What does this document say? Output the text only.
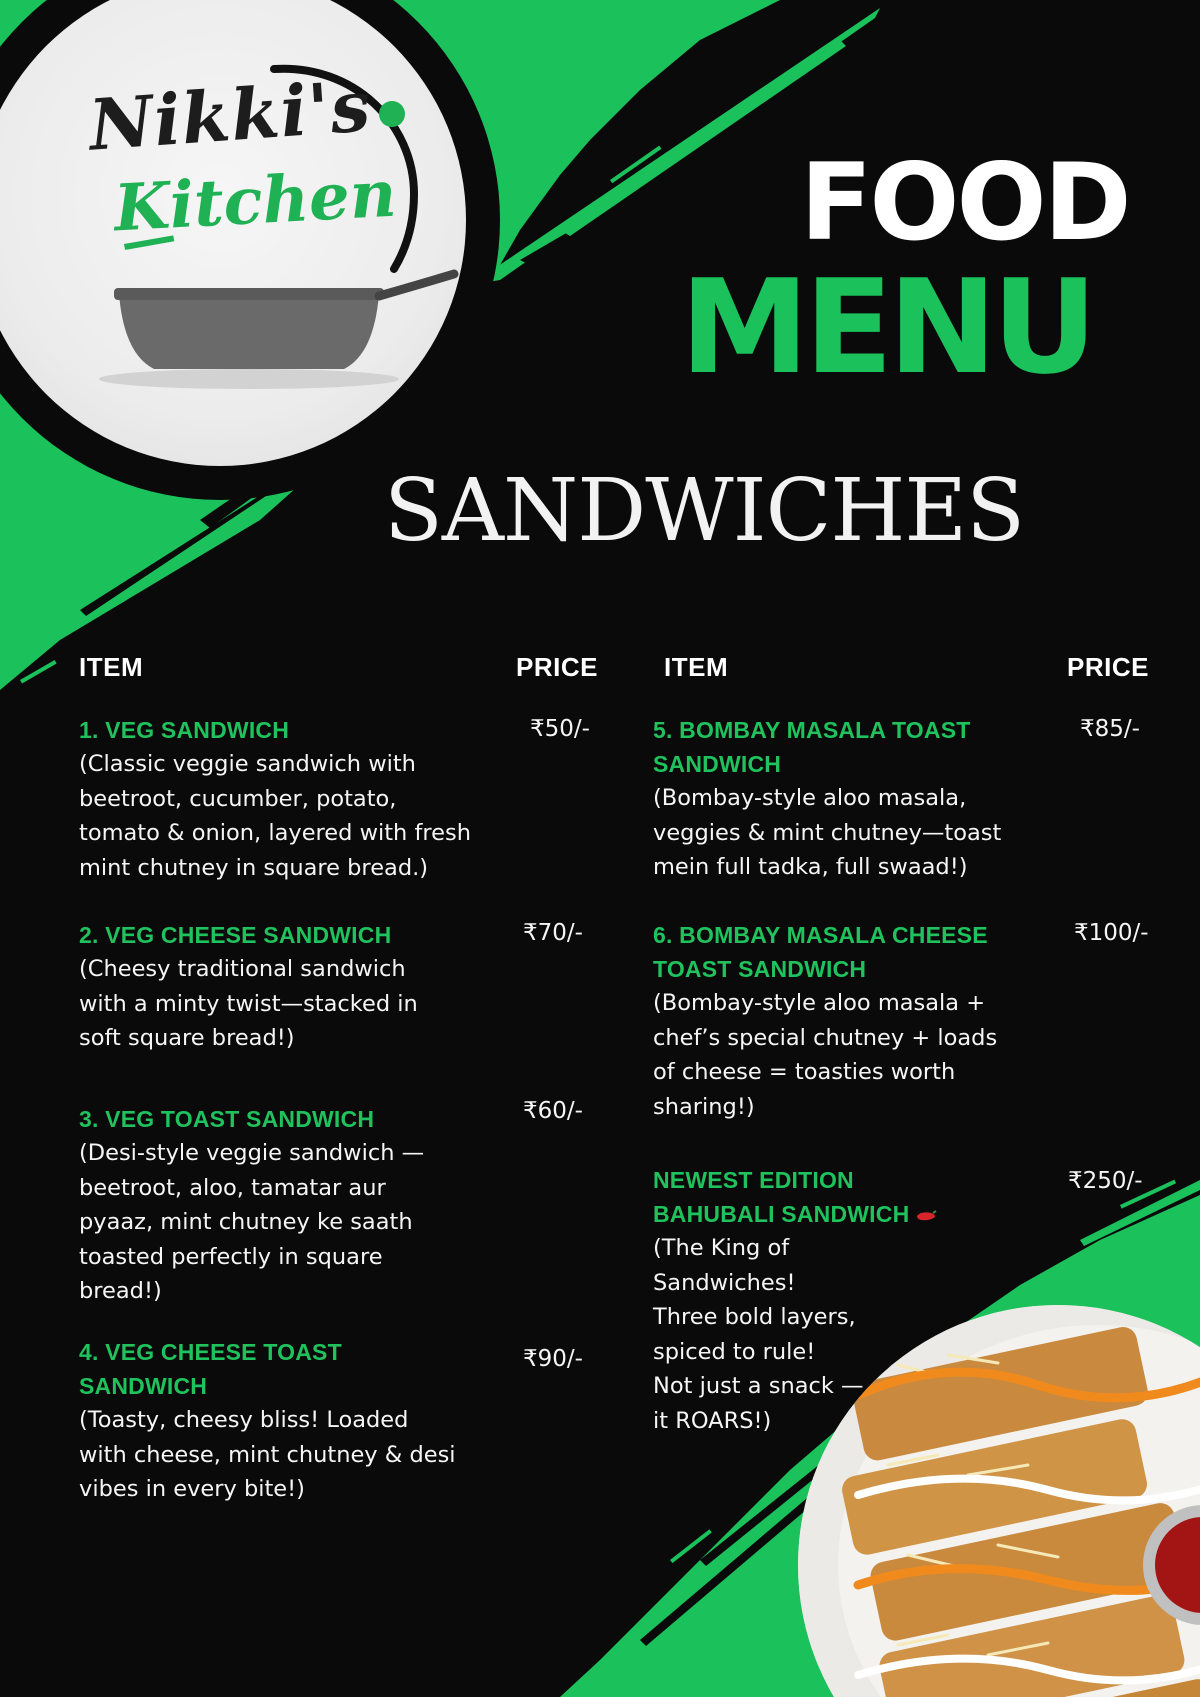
Nikki's
Kitchen	FOOD
MENU
SANDWICHES
ITEM	PRICE	ITEM	PRICE
1. VEG SANDWICH
(Classic veggie sandwich with
beetroot, cucumber, potato,
tomato & onion, layered with fresh
mint chutney in square bread.)
₹50/-
2. VEG CHEESE SANDWICH
(Cheesy traditional sandwich
with a minty twist—stacked in
soft square bread!)
₹70/-
3. VEG TOAST SANDWICH
(Desi-style veggie sandwich —
beetroot, aloo, tamatar aur
pyaaz, mint chutney ke saath
toasted perfectly in square
bread!)
₹60/-
4. VEG CHEESE TOAST
SANDWICH
(Toasty, cheesy bliss! Loaded
with cheese, mint chutney & desi
vibes in every bite!)
₹90/-
5. BOMBAY MASALA TOAST
SANDWICH
(Bombay-style aloo masala,
veggies & mint chutney—toast
mein full tadka, full swaad!)
₹85/-
6. BOMBAY MASALA CHEESE
TOAST SANDWICH
(Bombay-style aloo masala +
chef’s special chutney + loads
of cheese = toasties worth
sharing!)
₹100/-
NEWEST EDITION
BAHUBALI SANDWICH
(The King of
Sandwiches!
Three bold layers,
spiced to rule!
Not just a snack —
it ROARS!)
₹250/-
